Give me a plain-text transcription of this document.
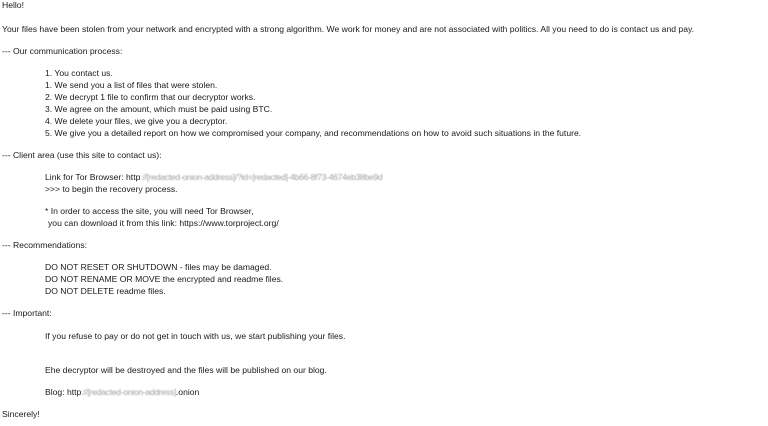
Hello!
Your files have been stolen from your network and encrypted with a strong algorithm. We work for money and are not associated with politics. All you need to do is contact us and pay.
--- Our communication process:
1. You contact us.
1. We send you a list of files that were stolen.
2. We decrypt 1 file to confirm that our decryptor works.
3. We agree on the amount, which must be paid using BTC.
4. We delete your files, we give you a decryptor.
5. We give you a detailed report on how we compromised your company, and recommendations on how to avoid such situations in the future.
--- Client area (use this site to contact us):
Link for Tor Browser: http://[redacted-onion-address]/?id=[redacted]-4b66-8f73-4674eb38be9d
>>> to begin the recovery process.
* In order to access the site, you will need Tor Browser,
you can download it from this link: https://www.torproject.org/
--- Recommendations:
DO NOT RESET OR SHUTDOWN - files may be damaged.
DO NOT RENAME OR MOVE the encrypted and readme files.
DO NOT DELETE readme files.
--- Important:
If you refuse to pay or do not get in touch with us, we start publishing your files.
Ehe decryptor will be destroyed and the files will be published on our blog.
Blog: http://[redacted-onion-address].onion
Sincerely!
